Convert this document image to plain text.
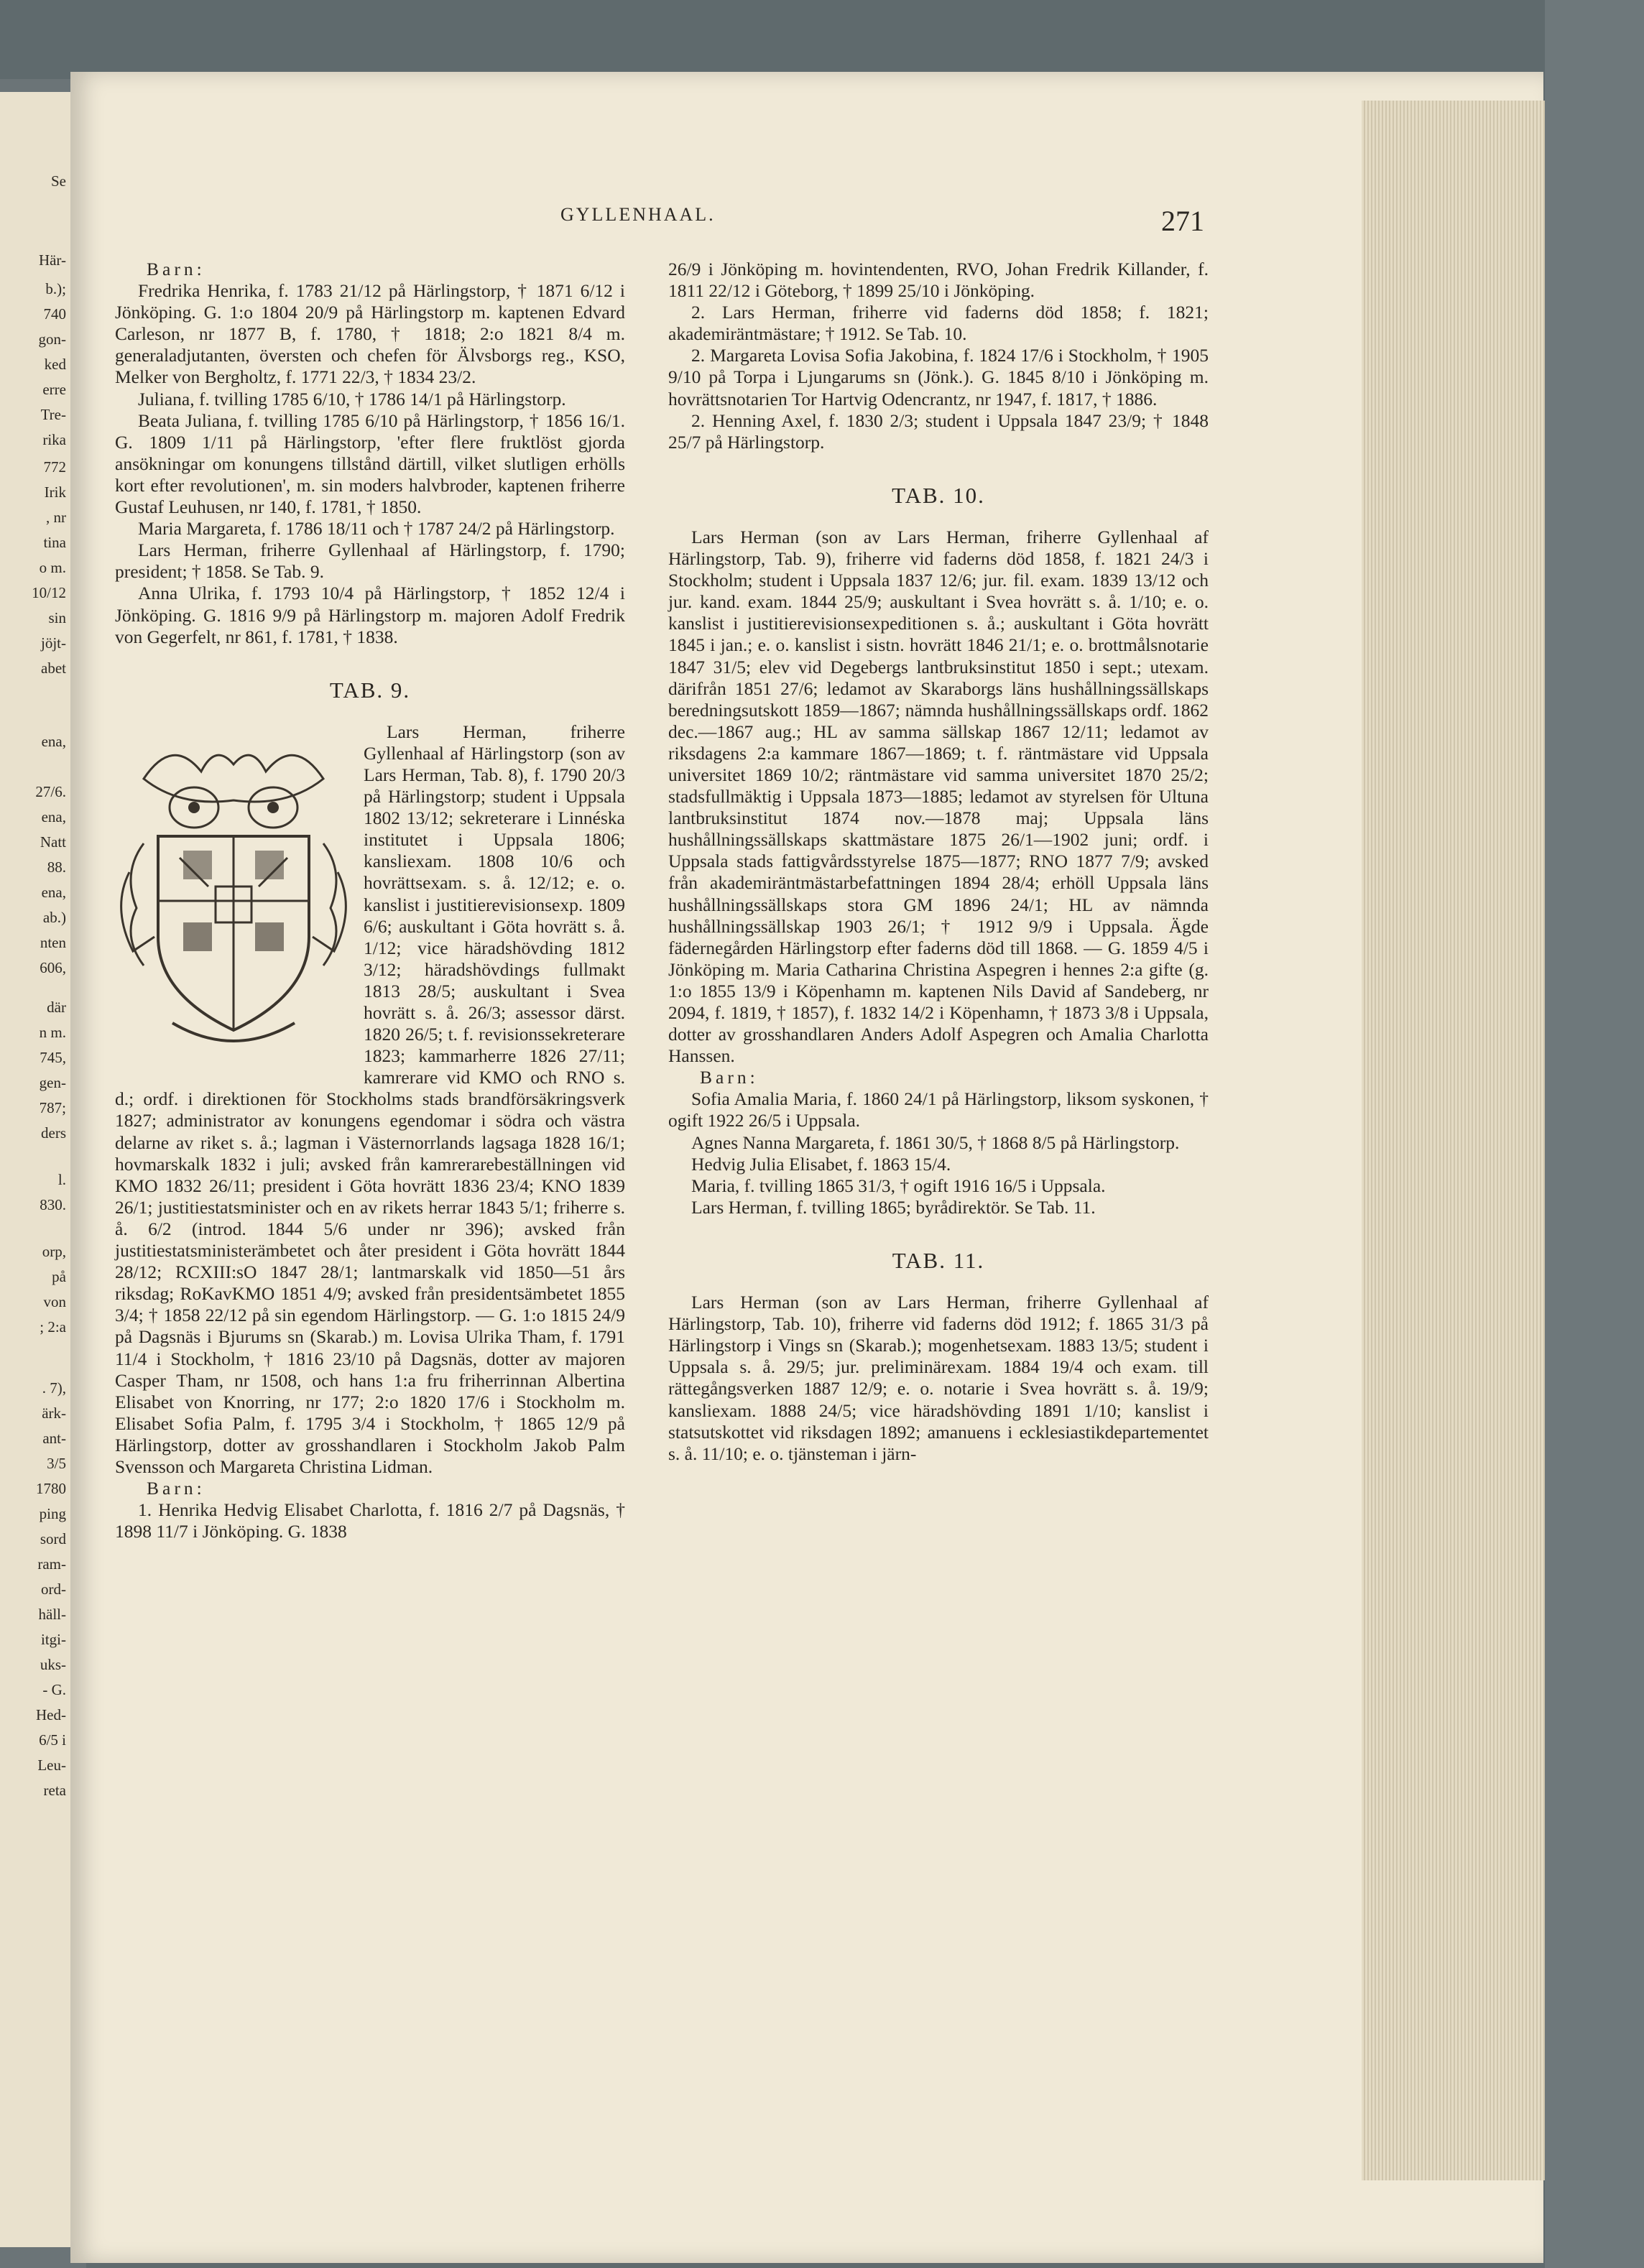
Se
Här-
b.);
740
gon-
ked
erre
Tre-
rika
772
Irik
, nr
tina
o m.
10/12
sin
jöjt-
abet
ena,
27/6.
ena,
Natt
88.
ena,
ab.)
nten
606,
där
n m.
745,
gen-
787;
ders
l.
830.
orp,
på
von
; 2:a
. 7),
ärk-
ant-
3/5
1780
ping
sord
ram-
ord-
häll-
itgi-
uks-
- G.
Hed-
6/5 i
Leu-
reta
GYLLENHAAL.	271

Barn:

Fredrika Henrika, f. 1783 21/12 på Härlingstorp, † 1871 6/12 i Jönköping. G. 1:o 1804 20/9 på Härlingstorp m. kaptenen Edvard Carleson, nr 1877 B, f. 1780, † 1818; 2:o 1821 8/4 m. generaladjutanten, översten och chefen för Älvsborgs reg., KSO, Melker von Bergholtz, f. 1771 22/3, † 1834 23/2.

Juliana, f. tvilling 1785 6/10, † 1786 14/1 på Härlingstorp.

Beata Juliana, f. tvilling 1785 6/10 på Härlingstorp, † 1856 16/1. G. 1809 1/11 på Härlingstorp, 'efter flere fruktlöst gjorda ansökningar om konungens tillstånd därtill, vilket slutligen erhölls kort efter revolutionen', m. sin moders halvbroder, kaptenen friherre Gustaf Leuhusen, nr 140, f. 1781, † 1850.

Maria Margareta, f. 1786 18/11 och † 1787 24/2 på Härlingstorp.

Lars Herman, friherre Gyllenhaal af Härlingstorp, f. 1790; president; † 1858. Se Tab. 9.

Anna Ulrika, f. 1793 10/4 på Härlingstorp, † 1852 12/4 i Jönköping. G. 1816 9/9 på Härlingstorp m. majoren Adolf Fredrik von Gegerfelt, nr 861, f. 1781, † 1838.

TAB. 9.

Lars Herman, friherre Gyllenhaal af Härlingstorp (son av Lars Herman, Tab. 8), f. 1790 20/3 på Härlingstorp; student i Uppsala 1802 13/12; sekreterare i Linnéska institutet i Uppsala 1806; kansliexam. 1808 10/6 och hovrättsexam. s. å. 12/12; e. o. kanslist i justitierevisionsexp. 1809 6/6; auskultant i Göta hovrätt s. å. 1/12; vice häradshövding 1812 3/12; häradshövdings fullmakt 1813 28/5; auskultant i Svea hovrätt s. å. 26/3; assessor därst. 1820 26/5; t. f. revisionssekreterare 1823; kammarherre 1826 27/11; kamrerare vid KMO och RNO s. d.; ordf. i direktionen för Stockholms stads brandförsäkringsverk 1827; administrator av konungens egendomar i södra och västra delarne av riket s. å.; lagman i Västernorrlands lagsaga 1828 16/1; hovmarskalk 1832 i juli; avsked från kamrerarebeställningen vid KMO 1832 26/11; president i Göta hovrätt 1836 23/4; KNO 1839 26/1; justitiestatsminister och en av rikets herrar 1843 5/1; friherre s. å. 6/2 (introd. 1844 5/6 under nr 396); avsked från justitiestatsministerämbetet och åter president i Göta hovrätt 1844 28/12; RCXIII:sO 1847 28/1; lantmarskalk vid 1850—51 års riksdag; RoKavKMO 1851 4/9; avsked från presidentsämbetet 1855 3/4; † 1858 22/12 på sin egendom Härlingstorp. — G. 1:o 1815 24/9 på Dagsnäs i Bjurums sn (Skarab.) m. Lovisa Ulrika Tham, f. 1791 11/4 i Stockholm, † 1816 23/10 på Dagsnäs, dotter av majoren Casper Tham, nr 1508, och hans 1:a fru friherrinnan Albertina Elisabet von Knorring, nr 177; 2:o 1820 17/6 i Stockholm m. Elisabet Sofia Palm, f. 1795 3/4 i Stockholm, † 1865 12/9 på Härlingstorp, dotter av grosshandlaren i Stockholm Jakob Palm Svensson och Margareta Christina Lidman.

Barn:

1. Henrika Hedvig Elisabet Charlotta, f. 1816 2/7 på Dagsnäs, † 1898 11/7 i Jönköping. G. 1838

26/9 i Jönköping m. hovintendenten, RVO, Johan Fredrik Killander, f. 1811 22/12 i Göteborg, † 1899 25/10 i Jönköping.

2. Lars Herman, friherre vid faderns död 1858; f. 1821; akademiräntmästare; † 1912. Se Tab. 10.

2. Margareta Lovisa Sofia Jakobina, f. 1824 17/6 i Stockholm, † 1905 9/10 på Torpa i Ljungarums sn (Jönk.). G. 1845 8/10 i Jönköping m. hovrättsnotarien Tor Hartvig Odencrantz, nr 1947, f. 1817, † 1886.

2. Henning Axel, f. 1830 2/3; student i Uppsala 1847 23/9; † 1848 25/7 på Härlingstorp.

TAB. 10.

Lars Herman (son av Lars Herman, friherre Gyllenhaal af Härlingstorp, Tab. 9), friherre vid faderns död 1858, f. 1821 24/3 i Stockholm; student i Uppsala 1837 12/6; jur. fil. exam. 1839 13/12 och jur. kand. exam. 1844 25/9; auskultant i Svea hovrätt s. å. 1/10; e. o. kanslist i justitierevisionsexpeditionen s. å.; auskultant i Göta hovrätt 1845 i jan.; e. o. kanslist i sistn. hovrätt 1846 21/1; e. o. brottmålsnotarie 1847 31/5; elev vid Degebergs lantbruksinstitut 1850 i sept.; utexam. därifrån 1851 27/6; ledamot av Skaraborgs läns hushållningssällskaps beredningsutskott 1859—1867; nämnda hushållningssällskaps ordf. 1862 dec.—1867 aug.; HL av samma sällskap 1867 12/11; ledamot av riksdagens 2:a kammare 1867—1869; t. f. räntmästare vid Uppsala universitet 1869 10/2; räntmästare vid samma universitet 1870 25/2; stadsfullmäktig i Uppsala 1873—1885; ledamot av styrelsen för Ultuna lantbruksinstitut 1874 nov.—1878 maj; Uppsala läns hushållningssällskaps skattmästare 1875 26/1—1902 juni; ordf. i Uppsala stads fattigvårdsstyrelse 1875—1877; RNO 1877 7/9; avsked från akademiräntmästarbefattningen 1894 28/4; erhöll Uppsala läns hushållningssällskaps stora GM 1896 24/1; HL av nämnda hushållningssällskap 1903 26/1; † 1912 9/9 i Uppsala. Ägde fädernegården Härlingstorp efter faderns död till 1868. — G. 1859 4/5 i Jönköping m. Maria Catharina Christina Aspegren i hennes 2:a gifte (g. 1:o 1855 13/9 i Köpenhamn m. kaptenen Nils David af Sandeberg, nr 2094, f. 1819, † 1857), f. 1832 14/2 i Köpenhamn, † 1873 3/8 i Uppsala, dotter av grosshandlaren Anders Adolf Aspegren och Amalia Charlotta Hanssen.

Barn:

Sofia Amalia Maria, f. 1860 24/1 på Härlingstorp, liksom syskonen, † ogift 1922 26/5 i Uppsala.

Agnes Nanna Margareta, f. 1861 30/5, † 1868 8/5 på Härlingstorp.

Hedvig Julia Elisabet, f. 1863 15/4.

Maria, f. tvilling 1865 31/3, † ogift 1916 16/5 i Uppsala.

Lars Herman, f. tvilling 1865; byrådirektör. Se Tab. 11.

TAB. 11.

Lars Herman (son av Lars Herman, friherre Gyllenhaal af Härlingstorp, Tab. 10), friherre vid faderns död 1912; f. 1865 31/3 på Härlingstorp i Vings sn (Skarab.); mogenhetsexam. 1883 13/5; student i Uppsala s. å. 29/5; jur. preliminärexam. 1884 19/4 och exam. till rättegångsverken 1887 12/9; e. o. notarie i Svea hovrätt s. å. 19/9; kansliexam. 1888 24/5; vice häradshövding 1891 1/10; kanslist i statsutskottet vid riksdagen 1892; amanuens i ecklesiastikdepartementet s. å. 11/10; e. o. tjänsteman i järn-
